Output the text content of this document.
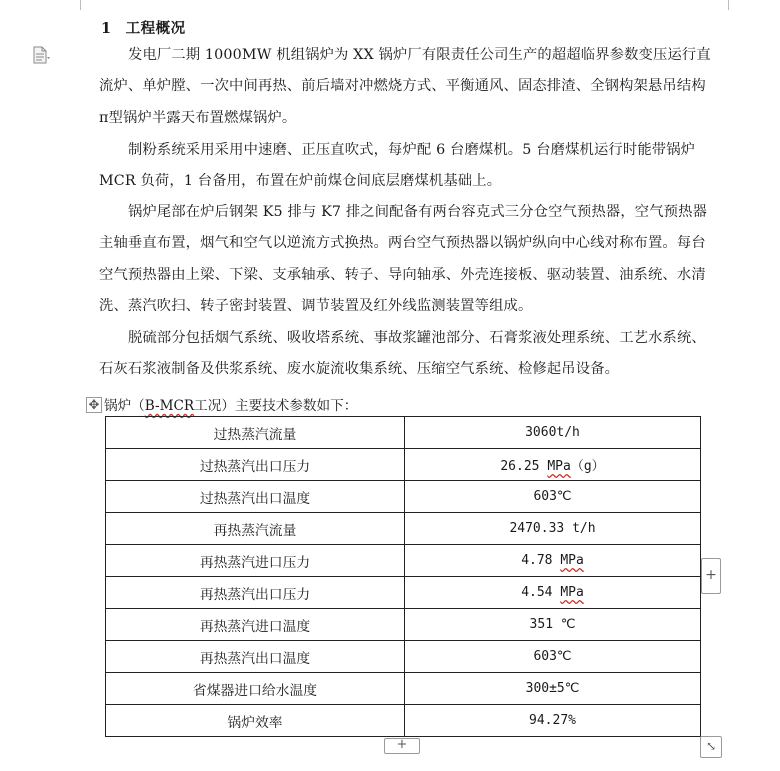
1 工程概况

发电厂二期 1000MW 机组锅炉为 XX 锅炉厂有限责任公司生产的超超临界参数变压运行直流炉、单炉膛、一次中间再热、前后墙对冲燃烧方式、平衡通风、固态排渣、全钢构架悬吊结构π型锅炉半露天布置燃煤锅炉。

制粉系统采用采用中速磨、正压直吹式，每炉配 6 台磨煤机。5 台磨煤机运行时能带锅炉 MCR 负荷，1 台备用，布置在炉前煤仓间底层磨煤机基础上。

锅炉尾部在炉后钢架 K5 排与 K7 排之间配备有两台容克式三分仓空气预热器，空气预热器主轴垂直布置，烟气和空气以逆流方式换热。两台空气预热器以锅炉纵向中心线对称布置。每台空气预热器由上梁、下梁、支承轴承、转子、导向轴承、外壳连接板、驱动装置、油系统、水清洗、蒸汽吹扫、转子密封装置、调节装置及红外线监测装置等组成。

脱硫部分包括烟气系统、吸收塔系统、事故浆罐池部分、石膏浆液处理系统、工艺水系统、石灰石浆液制备及供浆系统、废水旋流收集系统、压缩空气系统、检修起吊设备。

✥ 锅炉（B-MCR工况）主要技术参数如下：
过热蒸汽流量	3060t/h
过热蒸汽出口压力	26.25 MPa（g）
过热蒸汽出口温度	603℃
再热蒸汽流量	2470.33 t/h
再热蒸汽进口压力	4.78 MPa
再热蒸汽出口压力	4.54 MPa
再热蒸汽进口温度	351 ℃
再热蒸汽出口温度	603℃
省煤器进口给水温度	300±5℃
锅炉效率	94.27%
+
+	⤡
